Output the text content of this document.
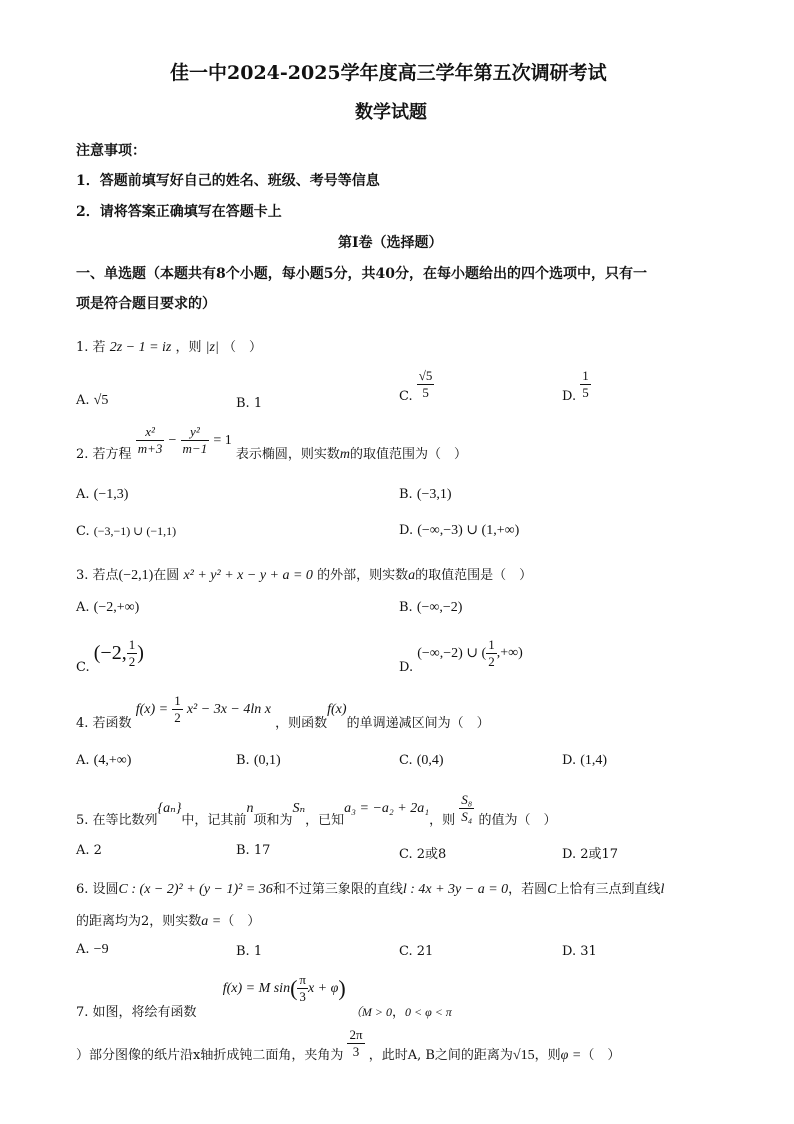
佳一中2024-2025学年度高三学年第五次调研考试
数学试题
注意事项：
1．答题前填写好自己的姓名、班级、考号等信息
2．请将答案正确填写在答题卡上
第I卷（选择题）
一、单选题（本题共有8个小题，每小题5分，共40分，在每小题给出的四个选项中，只有一
项是符合题目要求的）
1. 若 2z − 1 = iz ，则 |z| （　）
A. √5	B. 1	C. $\frac{√5}{5}$	D. $\frac{1}{5}$
2. 若方程 $\frac{\text{x²}}{m+3} - \frac{\text{y²}}{m-1} = 1$ 表示椭圆，则实数m的取值范围为（　）
A. (−1,3)	B. (−3,1)
C. (−3,−1) ∪ (−1,1)	D. (−∞,−3) ∪ (1,+∞)
3. 若点(−2,1)在圆 x² + y² + x − y + a = 0 的外部，则实数a的取值范围是（　）
A. (−2,+∞)	B. (−∞,−2)
C. (−2, $\frac{1}{2}$ )
D. (−∞,−2) ∪ ( $\frac{1}{2}$ ,+∞)
4. 若函数 $f(x) = \frac{1}{2} x^2 - 3x - 4\ln$ x ，则函数f(x)的单调递减区间为（　）
A. (4,+∞)	B. (0,1)	C. (0,4)	D. (1,4)
5. 在等比数列{aₙ}中，记其前n项和为Sₙ，已知a₃ = −a₂ + 2a₁，则 $\frac{\text{S₈}}{\text{S₄}}$ 的值为（　）
A. 2	B. 17	C. 2或8	D. 2或17
6. 设圆C : (x − 2)² + (y − 1)² = 36和不过第三象限的直线l : 4x + 3y − a = 0，若圆C上恰有三点到直线l
的距离均为2，则实数a =（　）
A. −9	B. 1	C. 21	D. 31
7. 如图，将绘有函数 f(x) = M $\sin( \frac{\pi}{3}$ x + φ) （M > 0，0 < φ < π
）部分图像的纸片沿x轴折成钝二面角，夹角为 $\frac{2\pi}{3}$ ，此时A, B之间的距离为√15，则φ =（　）
